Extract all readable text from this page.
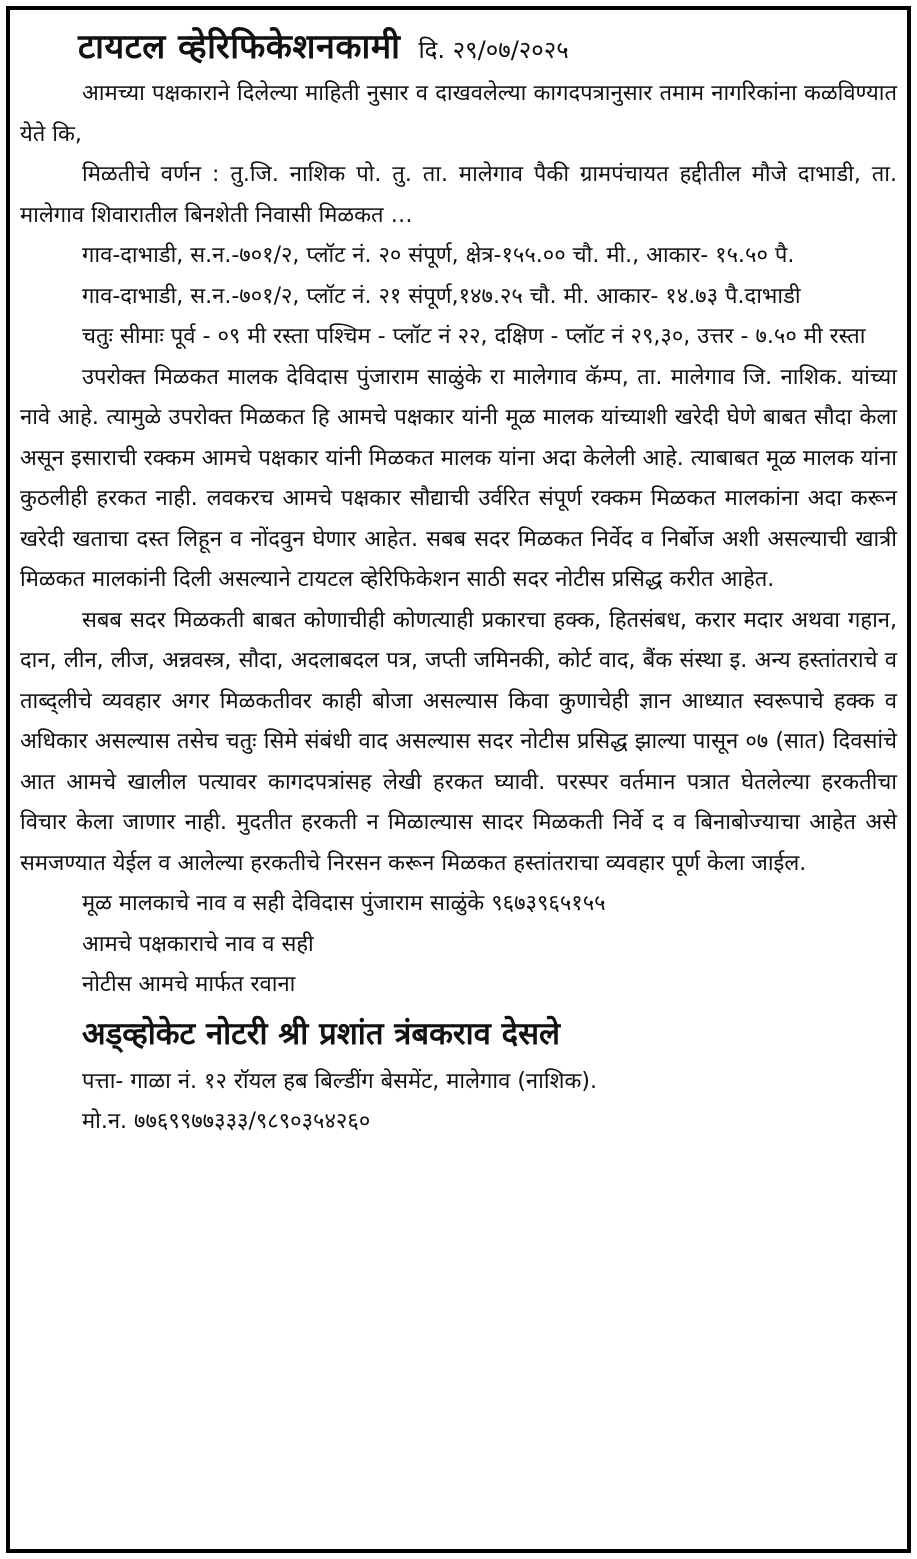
टायटल व्हेरिफिकेशनकामी दि. २९/०७/२०२५

आमच्या पक्षकाराने दिलेल्या माहिती नुसार व दाखवलेल्या कागदपत्रानुसार तमाम नागरिकांना कळविण्यात येते कि,

मिळतीचे वर्णन : तु.जि. नाशिक पो. तु. ता. मालेगाव पैकी ग्रामपंचायत हद्दीतील मौजे दाभाडी, ता. मालेगाव शिवारातील बिनशेती निवासी मिळकत …

गाव-दाभाडी, स.न.-७०१/२, प्लॉट नं. २० संपूर्ण, क्षेत्र-१५५.०० चौ. मी., आकार- १५.५० पै.

गाव-दाभाडी, स.न.-७०१/२, प्लॉट नं. २१ संपूर्ण,१४७.२५ चौ. मी. आकार- १४.७३ पै.दाभाडी

चतुः सीमाः पूर्व - ०९ मी रस्ता पश्चिम - प्लॉट नं २२, दक्षिण - प्लॉट नं २९,३०, उत्तर - ७.५० मी रस्ता

उपरोक्त मिळकत मालक देविदास पुंजाराम साळुंके रा मालेगाव कॅम्प, ता. मालेगाव जि. नाशिक. यांच्या नावे आहे. त्यामुळे उपरोक्त मिळकत हि आमचे पक्षकार यांनी मूळ मालक यांच्याशी खरेदी घेणे बाबत सौदा केला असून इसाराची रक्कम आमचे पक्षकार यांनी मिळकत मालक यांना अदा केलेली आहे. त्याबाबत मूळ मालक यांना कुठलीही हरकत नाही. लवकरच आमचे पक्षकार सौद्याची उर्वरित संपूर्ण रक्कम मिळकत मालकांना अदा करून खरेदी खताचा दस्त लिहून व नोंदवुन घेणार आहेत. सबब सदर मिळकत निर्वेद व निर्बोज अशी असल्याची खात्री मिळकत मालकांनी दिली असल्याने टायटल व्हेरिफिकेशन साठी सदर नोटीस प्रसिद्ध करीत आहेत.

सबब सदर मिळकती बाबत कोणाचीही कोणत्याही प्रकारचा हक्क, हितसंबध, करार मदार अथवा गहान, दान, लीन, लीज, अन्नवस्त्र, सौदा, अदलाबदल पत्र, जप्ती जमिनकी, कोर्ट वाद, बैंक संस्था इ. अन्य हस्तांतराचे व ताब्द्लीचे व्यवहार अगर मिळकतीवर काही बोजा असल्यास किवा कुणाचेही ज्ञान आध्यात स्वरूपाचे हक्क व अधिकार असल्यास तसेच चतुः सिमे संबंधी वाद असल्यास सदर नोटीस प्रसिद्ध झाल्या पासून ०७ (सात) दिवसांचे आत आमचे खालील पत्यावर कागदपत्रांसह लेखी हरकत घ्यावी. परस्पर वर्तमान पत्रात घेतलेल्या हरकतीचा विचार केला जाणार नाही. मुदतीत हरकती न मिळाल्यास सादर मिळकती निर्वे द व बिनाबोज्याचा आहेत असे समजण्यात येईल व आलेल्या हरकतीचे निरसन करून मिळकत हस्तांतराचा व्यवहार पूर्ण केला जाईल.

मूळ मालकाचे नाव व सही देविदास पुंजाराम साळुंके ९६७३९६५१५५

आमचे पक्षकाराचे नाव व सही

नोटीस आमचे मार्फत रवाना

अड्व्होकेट नोटरी श्री प्रशांत त्रंबकराव देसले

पत्ता- गाळा नं. १२ रॉयल हब बिल्डींग बेसमेंट, मालेगाव (नाशिक).

मो.न. ७७६९९७७३३३/९८९०३५४२६०
